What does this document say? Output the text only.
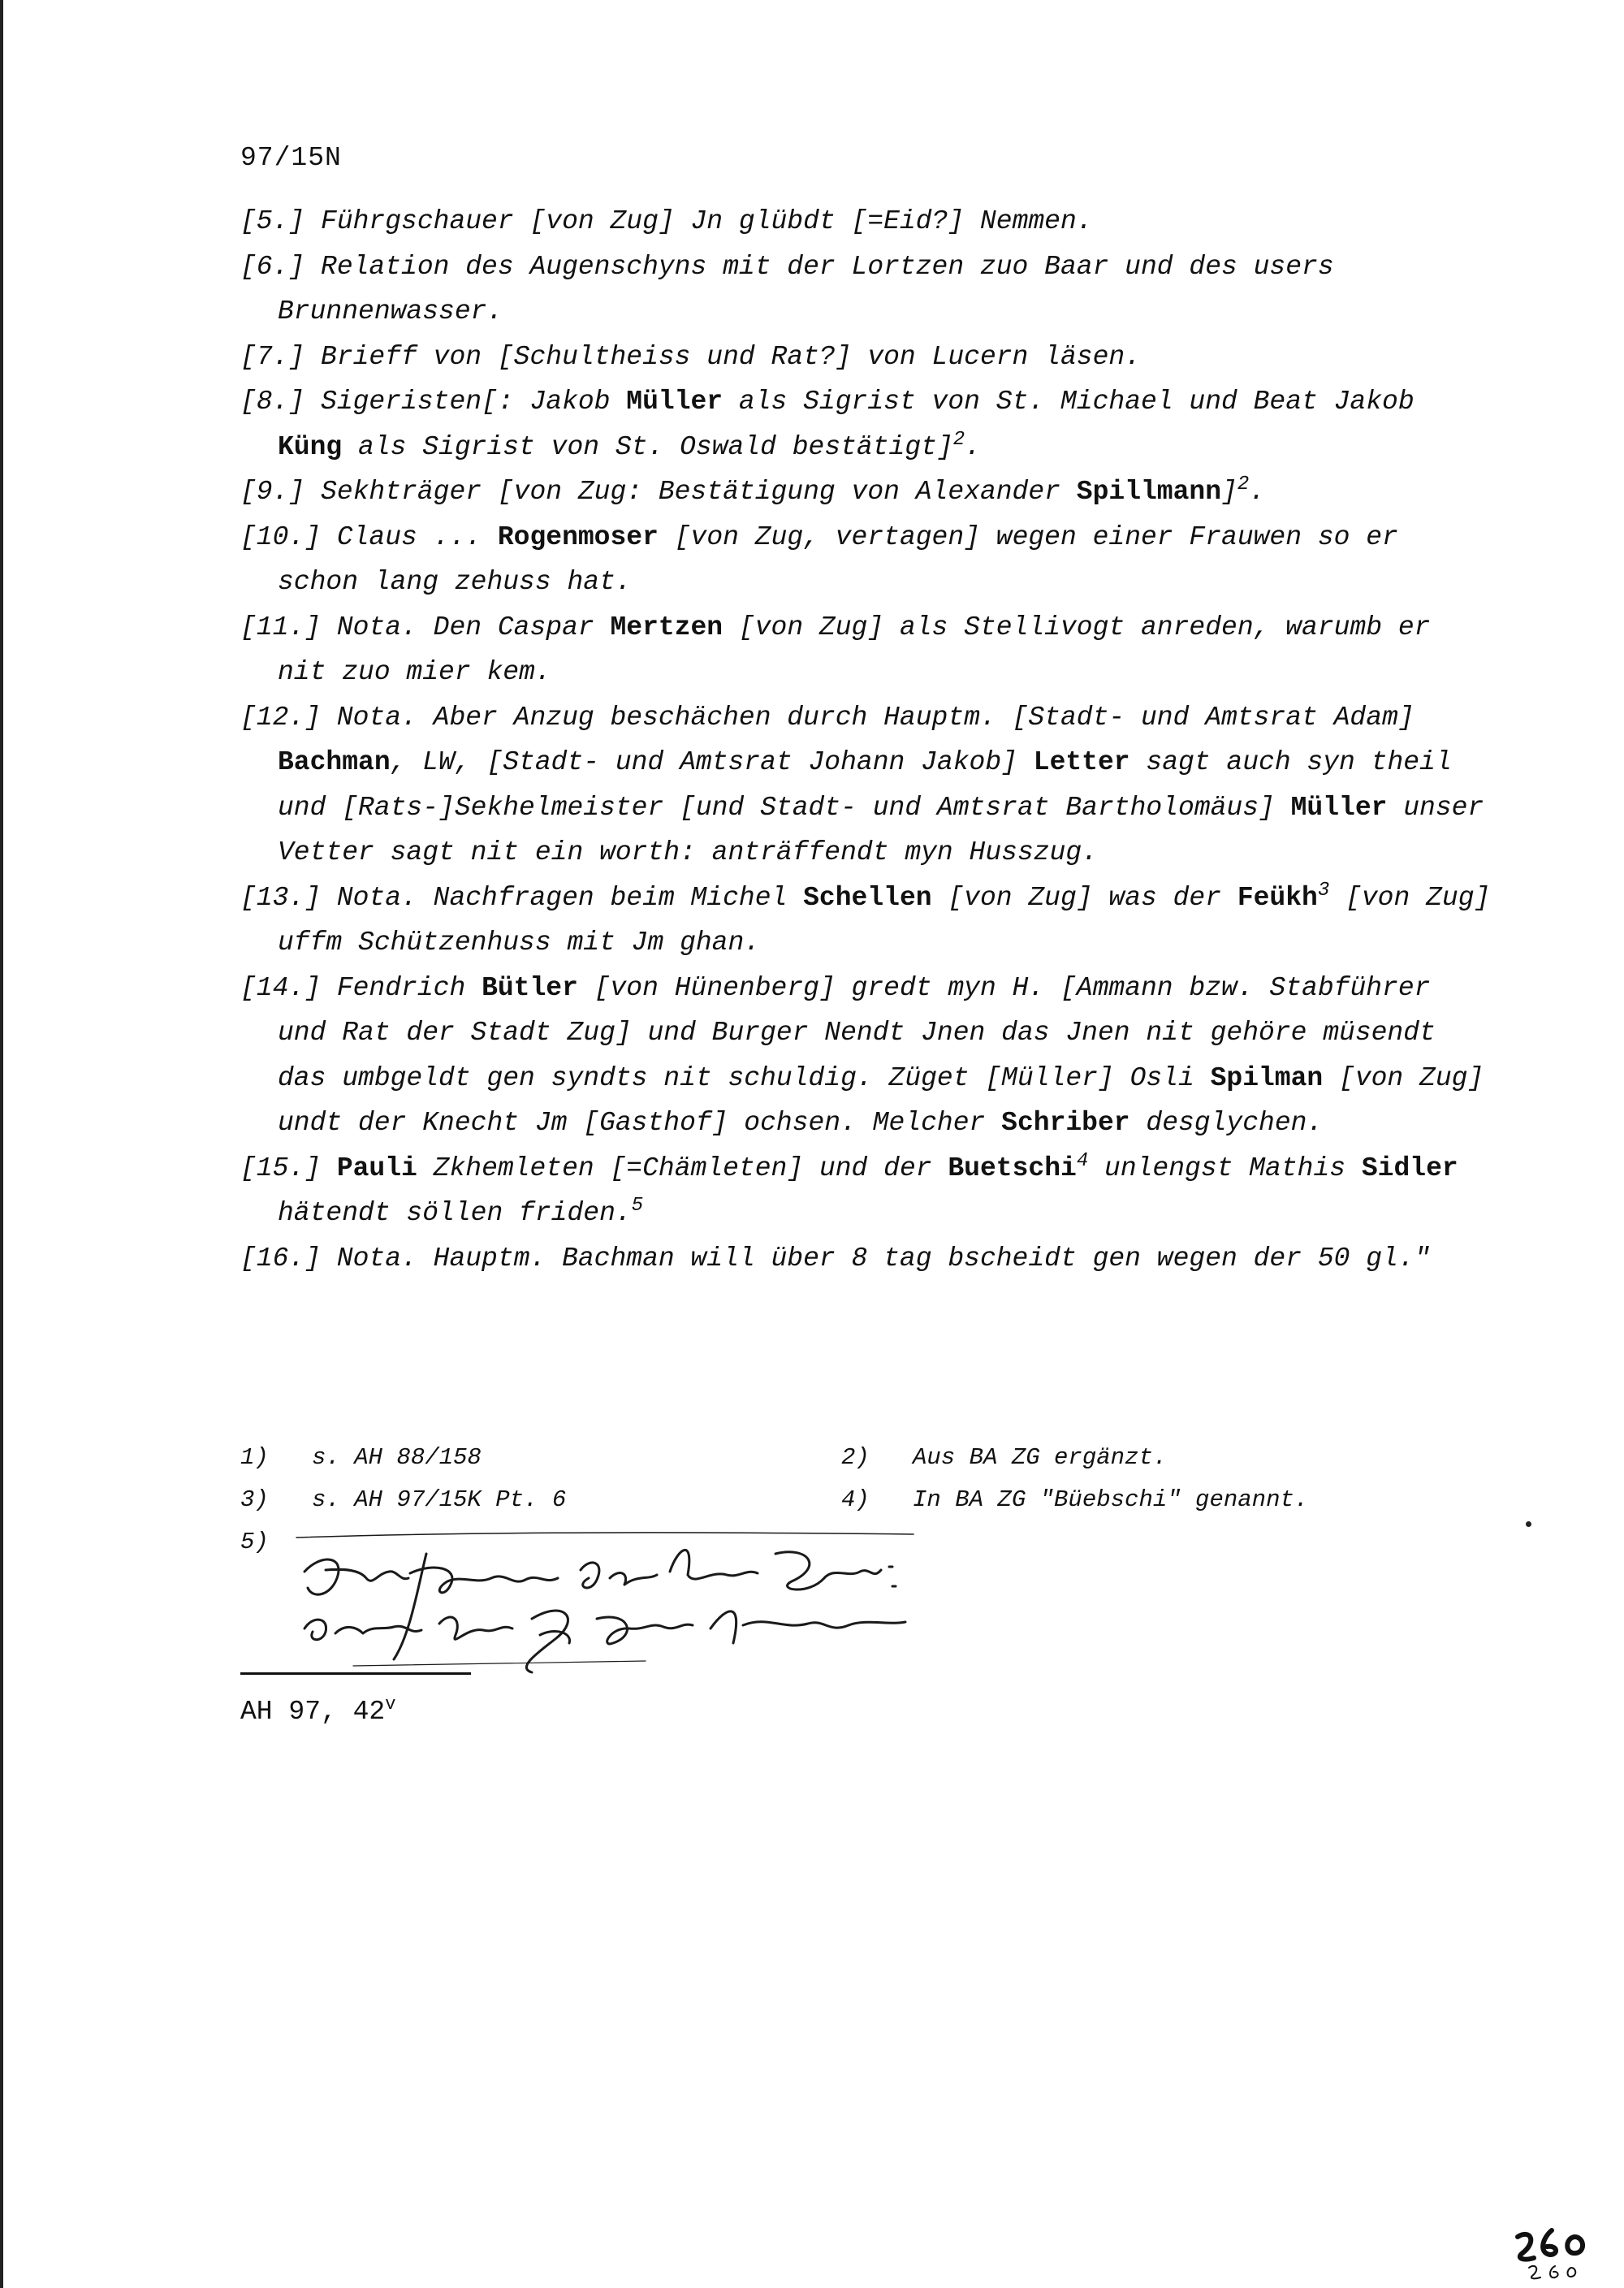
97/15N

[5.] Führgschauer [von Zug] Jn glübdt [=Eid?] Nemmen.

[6.] Relation des Augenschyns mit der Lortzen zuo Baar und des users Brunnenwasser.

[7.] Brieff von [Schultheiss und Rat?] von Lucern läsen.

[8.] Sigeristen[: Jakob Müller als Sigrist von St. Michael und Beat Jakob Küng als Sigrist von St. Oswald bestätigt]$^2$.

[9.] Sekhträger [von Zug: Bestätigung von Alexander Spillmann]$^2$.

[10.] Claus ... Rogenmoser [von Zug, vertagen] wegen einer Frauwen so er schon lang zehuss hat.

[11.] Nota. Den Caspar Mertzen [von Zug] als Stellivogt anreden, warumb er nit zuo mier kem.

[12.] Nota. Aber Anzug beschächen durch Hauptm. [Stadt- und Amtsrat Adam] Bachman, LW, [Stadt- und Amtsrat Johann Jakob] Letter sagt auch syn theil und [Rats-]Sekhelmeister [und Stadt- und Amtsrat Bartholomäus] Müller unser Vetter sagt nit ein worth: anträffendt myn Husszug.

[13.] Nota. Nachfragen beim Michel Schellen [von Zug] was der Feükh$^3$ [von Zug] uffm Schützenhuss mit Jm ghan.

[14.] Fendrich Bütler [von Hünenberg] gredt myn H. [Ammann bzw. Stabführer und Rat der Stadt Zug] und Burger Nendt Jnen das Jnen nit gehöre müsendt das umbgeldt gen syndts nit schuldig. Züget [Müller] Osli Spilman [von Zug] undt der Knecht Jm [Gasthof] ochsen. Melcher Schriber desglychen.

[15.] Pauli Zkhemleten [=Chämleten] und der Buetschi$^4$ unlengst Mathis Sidler hätendt söllen friden.$^5$

[16.] Nota. Hauptm. Bachman will über 8 tag bscheidt gen wegen der 50 gl."

1)	s. AH 88/158	2)	Aus BA ZG ergänzt.
3)	s. AH 97/15K Pt. 6	4)	In BA ZG "Büebschi" genannt.
5)
AH 97, 42$^v$
